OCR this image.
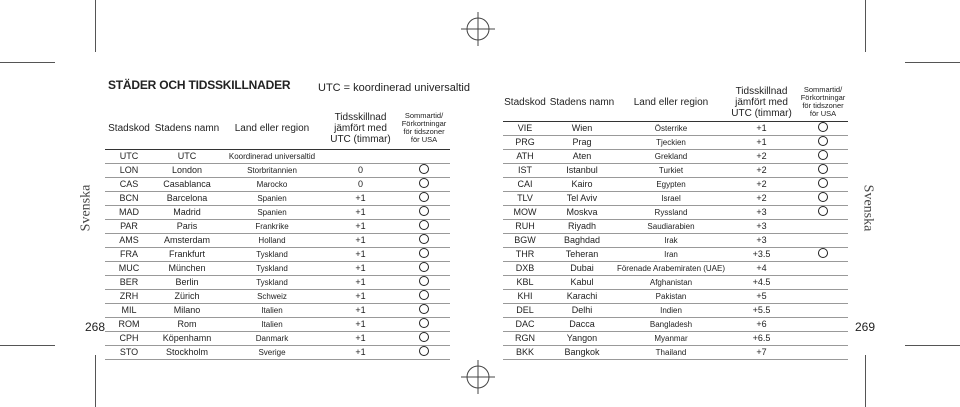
Svenska	Svenska
268	269
STÄDER OCH TIDSSKILLNADER	UTC = koordinerad universaltid
Stadskod	Stadens namn	Land eller region	Tidsskillnad jämfört med UTC (timmar)	Sommartid/ Förkortningar för tidszoner för USA
UTC	UTC	Koordinerad universaltid		
LON	London	Storbritannien	0	
CAS	Casablanca	Marocko	0	
BCN	Barcelona	Spanien	+1	
MAD	Madrid	Spanien	+1	
PAR	Paris	Frankrike	+1	
AMS	Amsterdam	Holland	+1	
FRA	Frankfurt	Tyskland	+1	
MUC	München	Tyskland	+1	
BER	Berlin	Tyskland	+1	
ZRH	Zürich	Schweiz	+1	
MIL	Milano	Italien	+1	
ROM	Rom	Italien	+1	
CPH	Köpenhamn	Danmark	+1	
STO	Stockholm	Sverige	+1	
Stadskod	Stadens namn	Land eller region	Tidsskillnad jämfört med UTC (timmar)	Sommartid/ Förkortningar för tidszoner för USA
VIE	Wien	Österrike	+1	
PRG	Prag	Tjeckien	+1	
ATH	Aten	Grekland	+2	
IST	Istanbul	Turkiet	+2	
CAI	Kairo	Egypten	+2	
TLV	Tel Aviv	Israel	+2	
MOW	Moskva	Ryssland	+3	
RUH	Riyadh	Saudiarabien	+3	
BGW	Baghdad	Irak	+3	
THR	Teheran	Iran	+3.5	
DXB	Dubai	Förenade Arabemiraten (UAE)	+4	
KBL	Kabul	Afghanistan	+4.5	
KHI	Karachi	Pakistan	+5	
DEL	Delhi	Indien	+5.5	
DAC	Dacca	Bangladesh	+6	
RGN	Yangon	Myanmar	+6.5	
BKK	Bangkok	Thailand	+7	
